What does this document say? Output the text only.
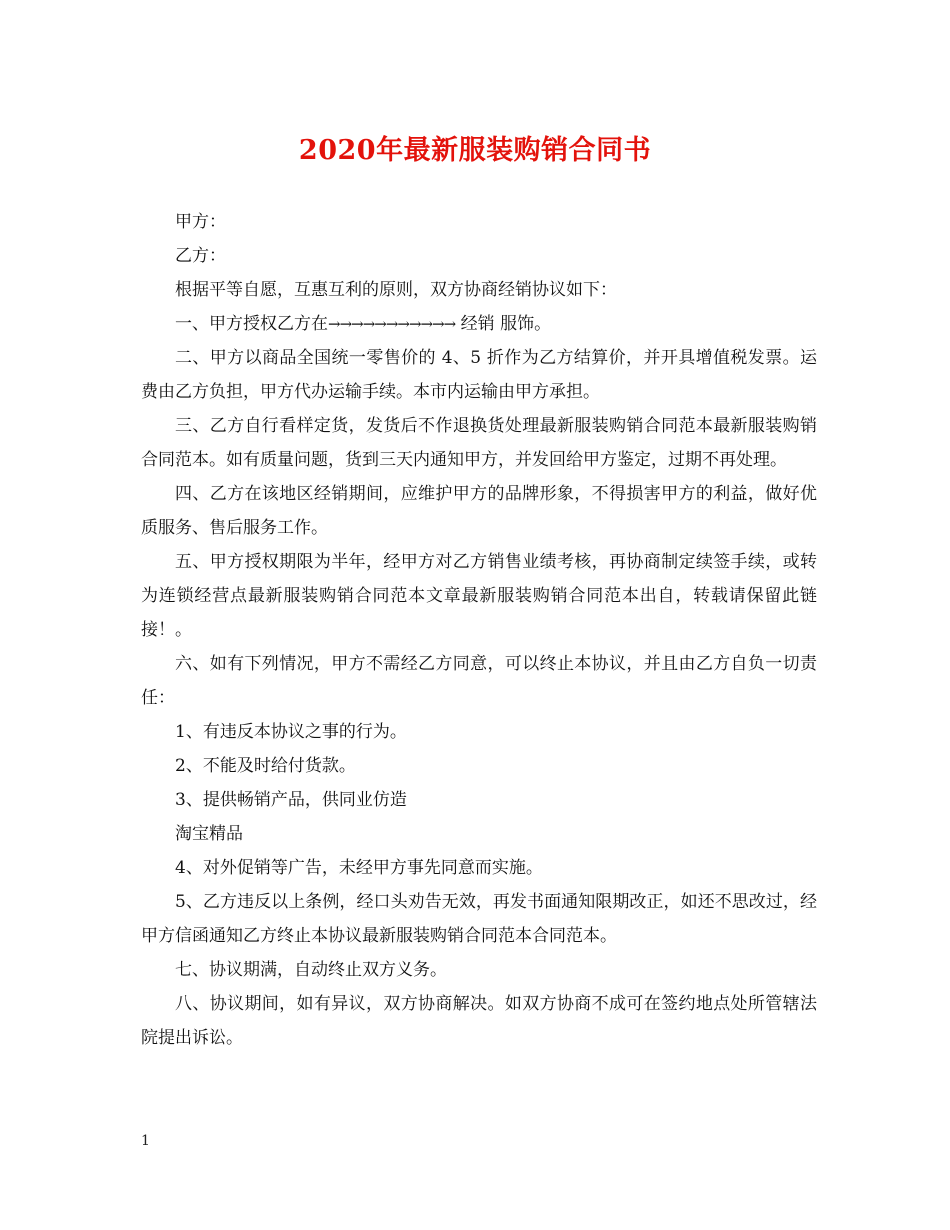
2020年最新服装购销合同书

甲方：

乙方：

根据平等自愿，互惠互利的原则，双方协商经销协议如下：

一、甲方授权乙方在→→→→→→→→→→→ 经销 服饰。

二、甲方以商品全国统一零售价的 4、5 折作为乙方结算价，并开具增值税发票。运费由乙方负担，甲方代办运输手续。本市内运输由甲方承担。

三、乙方自行看样定货，发货后不作退换货处理最新服装购销合同范本最新服装购销合同范本。如有质量问题，货到三天内通知甲方，并发回给甲方鉴定，过期不再处理。

四、乙方在该地区经销期间，应维护甲方的品牌形象，不得损害甲方的利益，做好优质服务、售后服务工作。

五、甲方授权期限为半年，经甲方对乙方销售业绩考核，再协商制定续签手续，或转为连锁经营点最新服装购销合同范本文章最新服装购销合同范本出自，转载请保留此链接！。

六、如有下列情况，甲方不需经乙方同意，可以终止本协议，并且由乙方自负一切责任：

1、有违反本协议之事的行为。

2、不能及时给付货款。

3、提供畅销产品，供同业仿造

淘宝精品

4、对外促销等广告，未经甲方事先同意而实施。

5、乙方违反以上条例，经口头劝告无效，再发书面通知限期改正，如还不思改过，经甲方信函通知乙方终止本协议最新服装购销合同范本合同范本。

七、协议期满，自动终止双方义务。

八、协议期间，如有异议，双方协商解决。如双方协商不成可在签约地点处所管辖法院提出诉讼。

1
